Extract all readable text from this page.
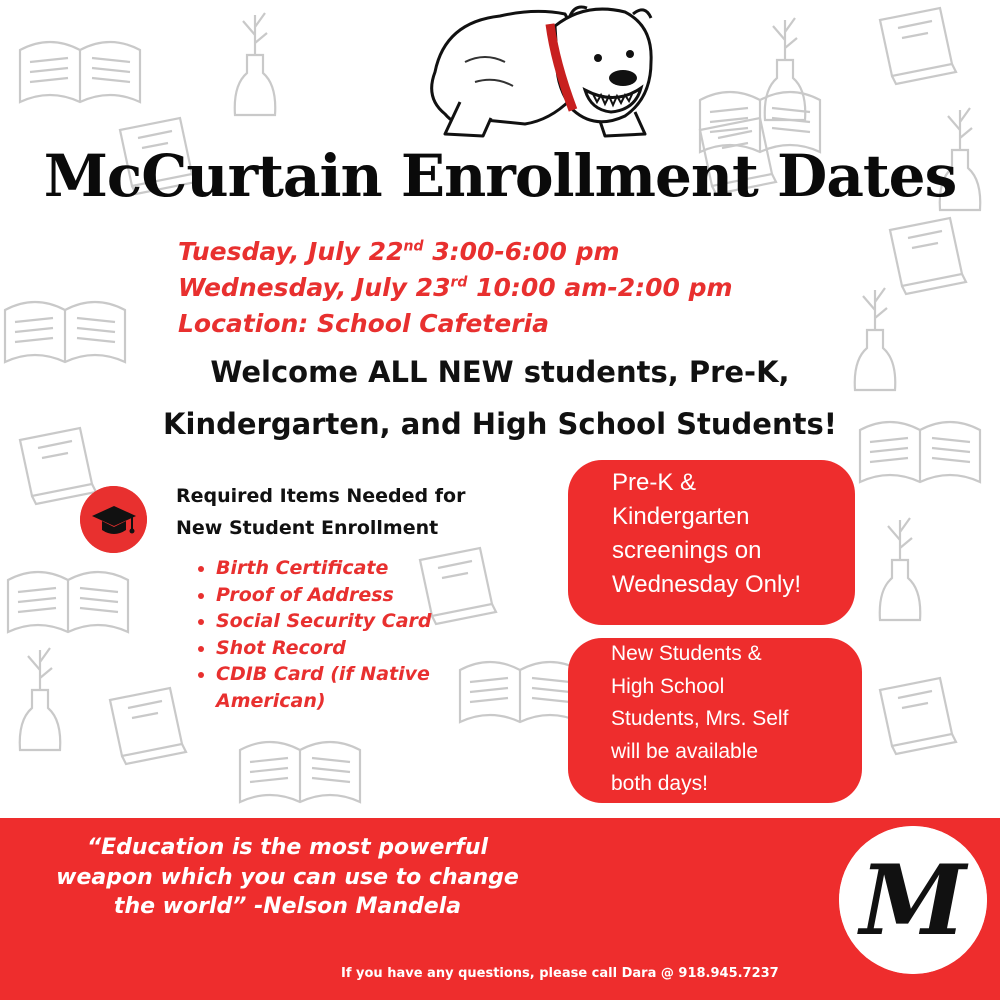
McCurtain Enrollment Dates
Tuesday, July 22nd 3:00-6:00 pm
Wednesday, July 23rd 10:00 am-2:00 pm
Location: School Cafeteria
Welcome ALL NEW students, Pre-K,
Kindergarten, and High School Students!
Required Items Needed for
New Student Enrollment
• Birth Certificate
• Proof of Address
• Social Security Card
• Shot Record
• CDIB Card (if Native American)
Pre-K &
Kindergarten
screenings on
Wednesday Only!
New Students &
High School
Students, Mrs. Self
will be available
both days!
“Education is the most powerful
weapon which you can use to change
the world” -Nelson Mandela	M
If you have any questions, please call Dara @ 918.945.7237
